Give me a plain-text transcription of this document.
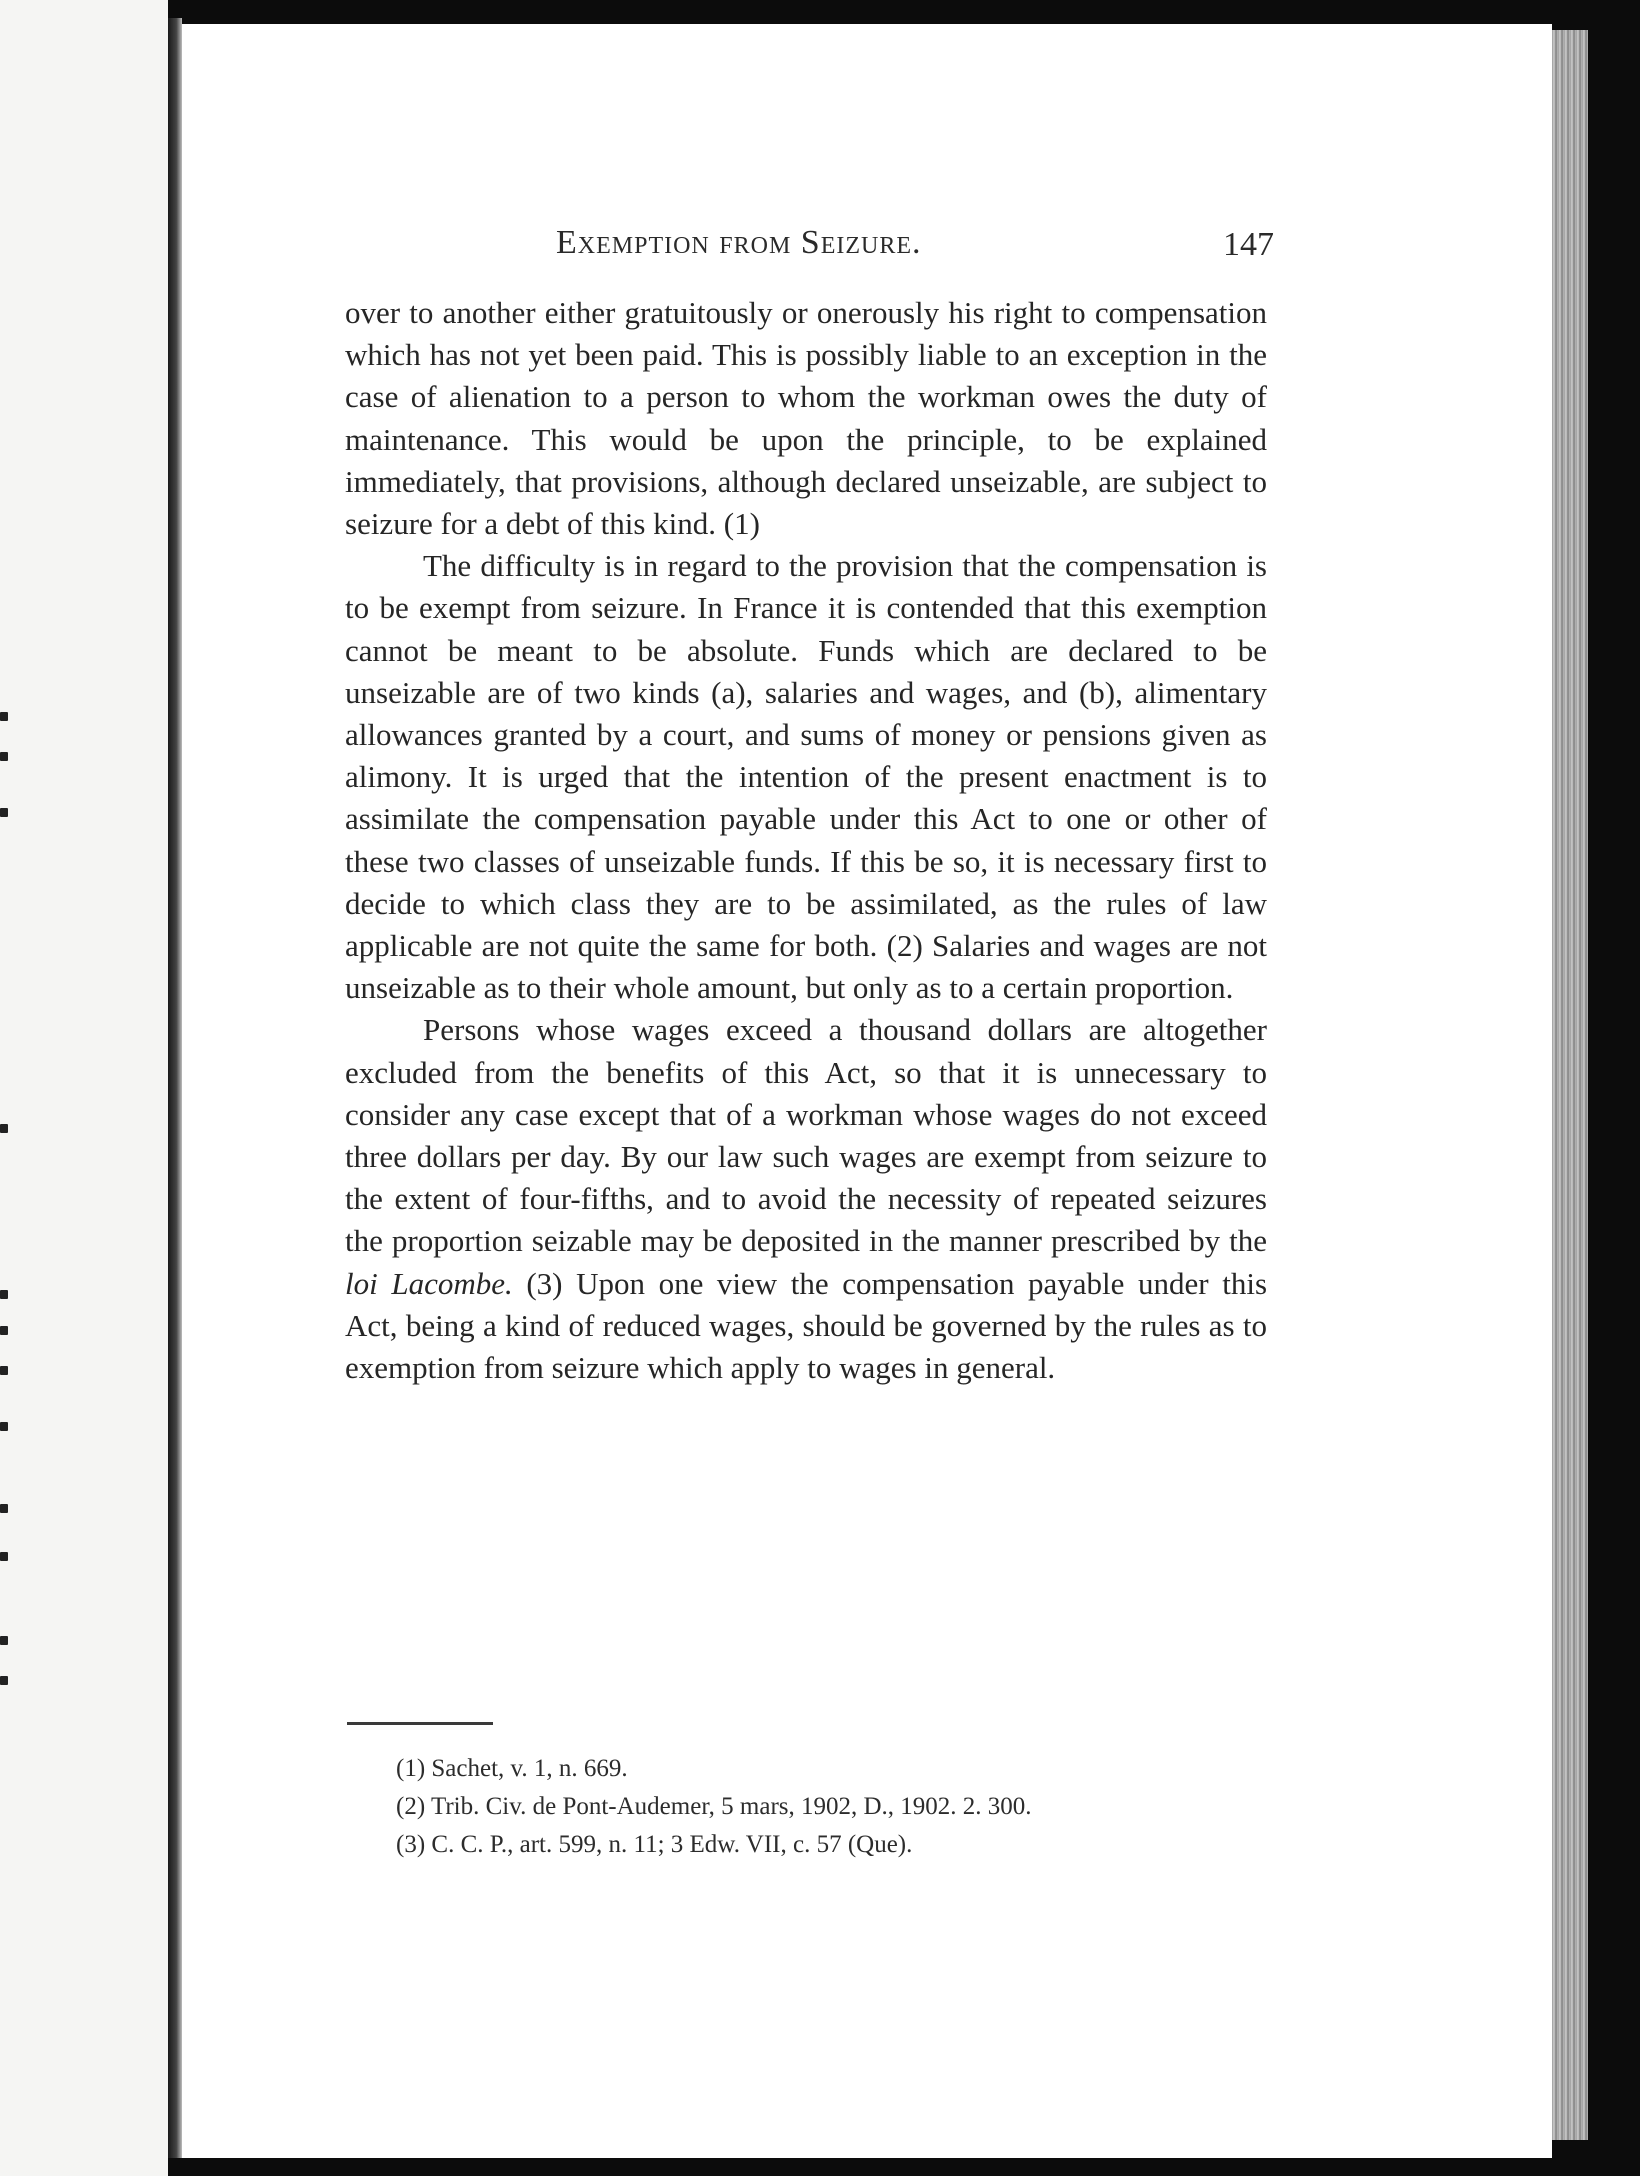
Exemption from Seizure.	147

over to another either gratuitously or onerously his right to compensation which has not yet been paid. This is possibly liable to an exception in the case of alienation to a person to whom the workman owes the duty of maintenance. This would be upon the principle, to be explained immediately, that provisions, although declared unseizable, are subject to seizure for a debt of this kind. (1)

The difficulty is in regard to the provision that the compensation is to be exempt from seizure. In France it is contended that this exemption cannot be meant to be absolute. Funds which are declared to be unseizable are of two kinds (a), salaries and wages, and (b), alimentary allowances granted by a court, and sums of money or pensions given as alimony. It is urged that the intention of the present enactment is to assimilate the compensation payable under this Act to one or other of these two classes of unseizable funds. If this be so, it is necessary first to decide to which class they are to be assimilated, as the rules of law applicable are not quite the same for both. (2) Salaries and wages are not unseizable as to their whole amount, but only as to a certain proportion.

Persons whose wages exceed a thousand dollars are altogether excluded from the benefits of this Act, so that it is unnecessary to consider any case except that of a workman whose wages do not exceed three dollars per day. By our law such wages are exempt from seizure to the extent of four-fifths, and to avoid the necessity of repeated seizures the proportion seizable may be deposited in the manner prescribed by the loi Lacombe. (3) Upon one view the compensation payable under this Act, being a kind of reduced wages, should be governed by the rules as to exemption from seizure which apply to wages in general.

(1) Sachet, v. 1, n. 669.
(2) Trib. Civ. de Pont-Audemer, 5 mars, 1902, D., 1902. 2. 300.
(3) C. C. P., art. 599, n. 11; 3 Edw. VII, c. 57 (Que).
